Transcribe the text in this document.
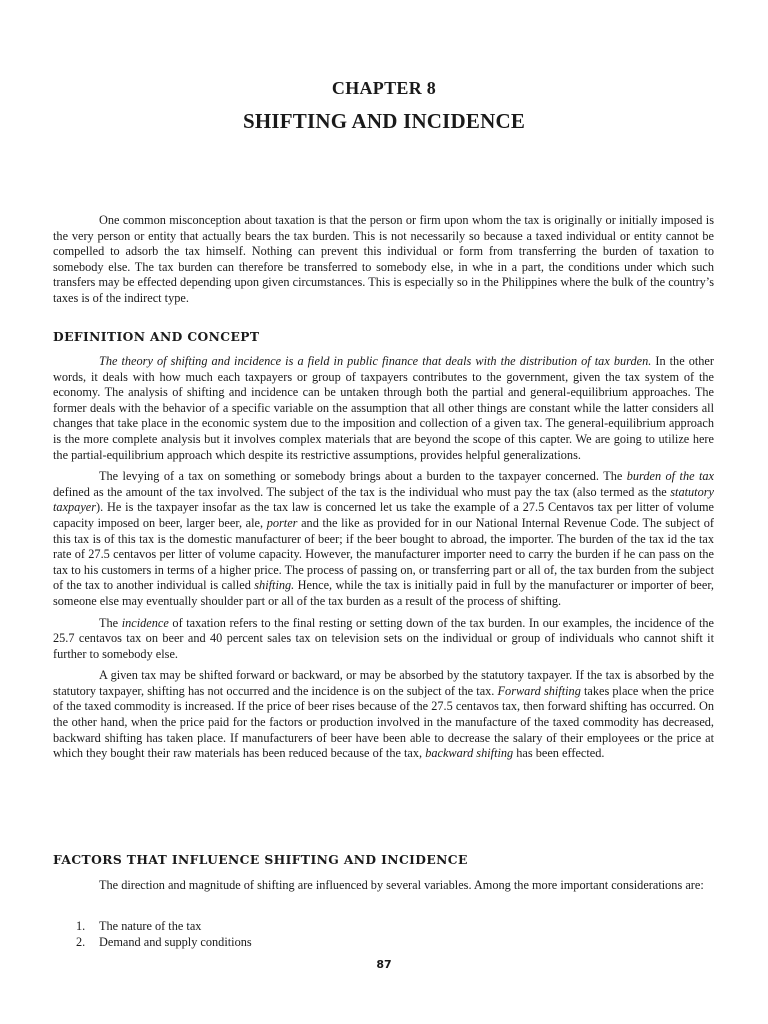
CHAPTER 8
SHIFTING AND INCIDENCE

One common misconception about taxation is that the person or firm upon whom the tax is originally or initially imposed is the very person or entity that actually bears the tax burden. This is not necessarily so because a taxed individual or entity cannot be compelled to adsorb the tax himself. Nothing can prevent this individual or form from transferring the burden of taxation to somebody else. The tax burden can therefore be transferred to somebody else, in whe in a part, the conditions under which such transfers may be effected depending upon given circumstances. This is especially so in the Philippines where the bulk of the country’s taxes is of the indirect type.

DEFINITION AND CONCEPT

The theory of shifting and incidence is a field in public finance that deals with the distribution of tax burden. In the other words, it deals with how much each taxpayers or group of taxpayers contributes to the government, given the tax system of the economy. The analysis of shifting and incidence can be untaken through both the partial and general-equilibrium approaches. The former deals with the behavior of a specific variable on the assumption that all other things are constant while the latter considers all changes that take place in the economic system due to the imposition and collection of a given tax. The general-equilibrium approach is the more complete analysis but it involves complex materials that are beyond the scope of this capter. We are going to utilize here the partial-equilibrium approach which despite its restrictive assumptions, provides helpful generalizations.

The levying of a tax on something or somebody brings about a burden to the taxpayer concerned. The burden of the tax defined as the amount of the tax involved. The subject of the tax is the individual who must pay the tax (also termed as the statutory taxpayer). He is the taxpayer insofar as the tax law is concerned let us take the example of a 27.5 Centavos tax per litter of volume capacity imposed on beer, larger beer, ale, porter and the like as provided for in our National Internal Revenue Code. The subject of this tax is of this tax is the domestic manufacturer of beer; if the beer bought to abroad, the importer. The burden of the tax id the tax rate of 27.5 centavos per litter of volume capacity. However, the manufacturer importer need to carry the burden if he can pass on the tax to his customers in terms of a higher price. The process of passing on, or transferring part or all of, the tax burden from the subject of the tax to another individual is called shifting. Hence, while the tax is initially paid in full by the manufacturer or importer of beer, someone else may eventually shoulder part or all of the tax burden as a result of the process of shifting.

The incidence of taxation refers to the final resting or setting down of the tax burden. In our examples, the incidence of the 25.7 centavos tax on beer and 40 percent sales tax on television sets on the individual or group of individuals who cannot shift it further to somebody else.

A given tax may be shifted forward or backward, or may be absorbed by the statutory taxpayer. If the tax is absorbed by the statutory taxpayer, shifting has not occurred and the incidence is on the subject of the tax. Forward shifting takes place when the price of the taxed commodity is increased. If the price of beer rises because of the 27.5 centavos tax, then forward shifting has occurred. On the other hand, when the price paid for the factors or production involved in the manufacture of the taxed commodity has decreased, backward shifting has taken place. If manufacturers of beer have been able to decrease the salary of their employees or the price at which they bought their raw materials has been reduced because of the tax, backward shifting has been effected.

FACTORS THAT INFLUENCE SHIFTING AND INCIDENCE

The direction and magnitude of shifting are influenced by several variables. Among the more important considerations are:

1.	The nature of the tax
2.	Demand and supply conditions
87
